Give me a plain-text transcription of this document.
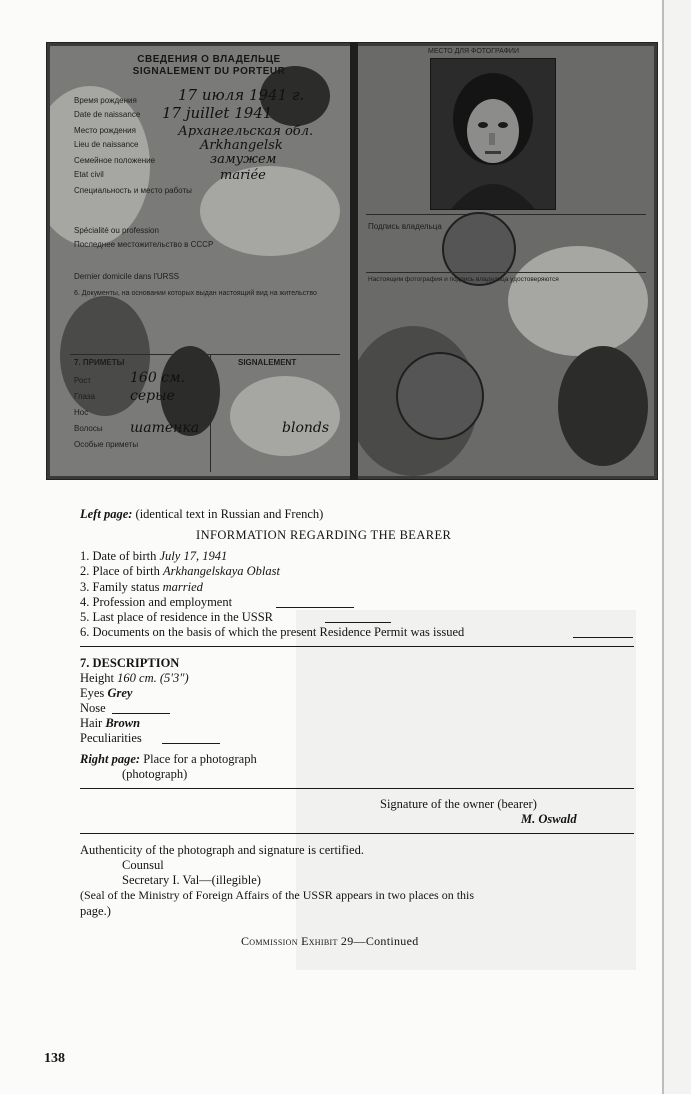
СВЕДЕНИЯ О ВЛАДЕЛЬЦЕ
SIGNALEMENT DU PORTEUR
Время рождения
Date de naissance
Место рождения
Lieu de naissance
Семейное положение
Etat civil
Специальность и место работы
Spécialité ou profession
Последнее местожительство в СССР
Dernier domicile dans l'URSS
6. Документы, на основании которых выдан настоящий вид на жительство
17 июля 1941 г.
17 juillet 1941
Архангельская обл.
Arkhangelsk
замужем
mariée
7. ПРИМЕТЫ	SIGNALEMENT
Рост
Глаза
Нос
Волосы
Особые приметы
160 см.
серые
шатенка	blonds
МЕСТО ДЛЯ ФОТОГРАФИИ
Подпись владельца
Настоящим фотография и подпись владельца удостоверяются
Left page: (identical text in Russian and French)
INFORMATION REGARDING THE BEARER
1. Date of birth July 17, 1941
2. Place of birth Arkhangelskaya Oblast
3. Family status married
4. Profession and employment
5. Last place of residence in the USSR
6. Documents on the basis of which the present Residence Permit was issued
7. DESCRIPTION
Height 160 cm. (5'3")
Eyes Grey
Nose
Hair Brown
Peculiarities
Right page: Place for a photograph
(photograph)
Signature of the owner (bearer)
M. Oswald
Authenticity of the photograph and signature is certified.
Counsul
Secretary I. Val—(illegible)
(Seal of the Ministry of Foreign Affairs of the USSR appears in two places on this
page.)
Commission Exhibit 29—Continued
138
